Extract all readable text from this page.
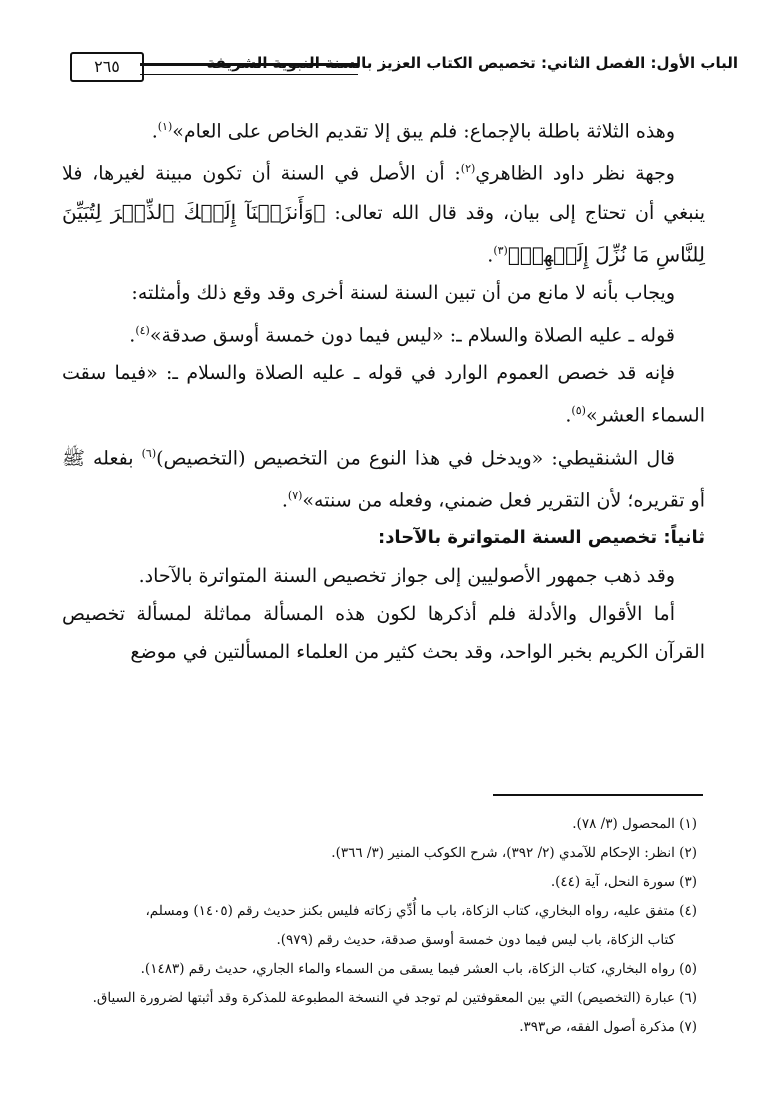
الباب الأول: الفصل الثاني: تخصيص الكتاب العزيز بالسنة النبوية الشريفة
٢٦٥

وهذه الثلاثة باطلة بالإجماع: فلم يبق إلا تقديم الخاص على العام»$^{(١)}$.

وجهة نظر داود الظاهري$^{(٢)}$: أن الأصل في السنة أن تكون مبينة لغيرها، فلا ينبغي أن تحتاج إلى بيان، وقد قال الله تعالى: ﴿وَأَنزَلۡنَآ إِلَيۡكَ ٱلذِّكۡرَ لِتُبَيِّنَ لِلنَّاسِ مَا نُزِّلَ إِلَيۡهِمۡ﴾$^{(٣)}$.

ويجاب بأنه لا مانع من أن تبين السنة لسنة أخرى وقد وقع ذلك وأمثلته:

قوله ـ عليه الصلاة والسلام ـ: «ليس فيما دون خمسة أوسق صدقة»$^{(٤)}$.

فإنه قد خصص العموم الوارد في قوله ـ عليه الصلاة والسلام ـ: «فيما سقت السماء العشر»$^{(٥)}$.

قال الشنقيطي: «ويدخل في هذا النوع من التخصيص (التخصيص)$^{(٦)}$ بفعله ﷺ أو تقريره؛ لأن التقرير فعل ضمني، وفعله من سنته»$^{(٧)}$.

ثانياً: تخصيص السنة المتواترة بالآحاد:

وقد ذهب جمهور الأصوليين إلى جواز تخصيص السنة المتواترة بالآحاد.

أما الأقوال والأدلة فلم أذكرها لكون هذه المسألة مماثلة لمسألة تخصيص القرآن الكريم بخبر الواحد، وقد بحث كثير من العلماء المسألتين في موضع

(١) المحصول (٣/ ٧٨).
(٢) انظر: الإحكام للآمدي (٢/ ٣٩٢)، شرح الكوكب المنير (٣/ ٣٦٦).
(٣) سورة النحل، آية (٤٤).
(٤) متفق عليه، رواه البخاري، كتاب الزكاة، باب ما أُدِّي زكاته فليس بكنز حديث رقم (١٤٠٥) ومسلم،
كتاب الزكاة، باب ليس فيما دون خمسة أوسق صدقة، حديث رقم (٩٧٩).
(٥) رواه البخاري، كتاب الزكاة، باب العشر فيما يسقى من السماء والماء الجاري، حديث رقم (١٤٨٣).
(٦) عبارة (التخصيص) التي بين المعقوفتين لم توجد في النسخة المطبوعة للمذكرة وقد أثبتها لضرورة السياق.
(٧) مذكرة أصول الفقه، ص٣٩٣.
